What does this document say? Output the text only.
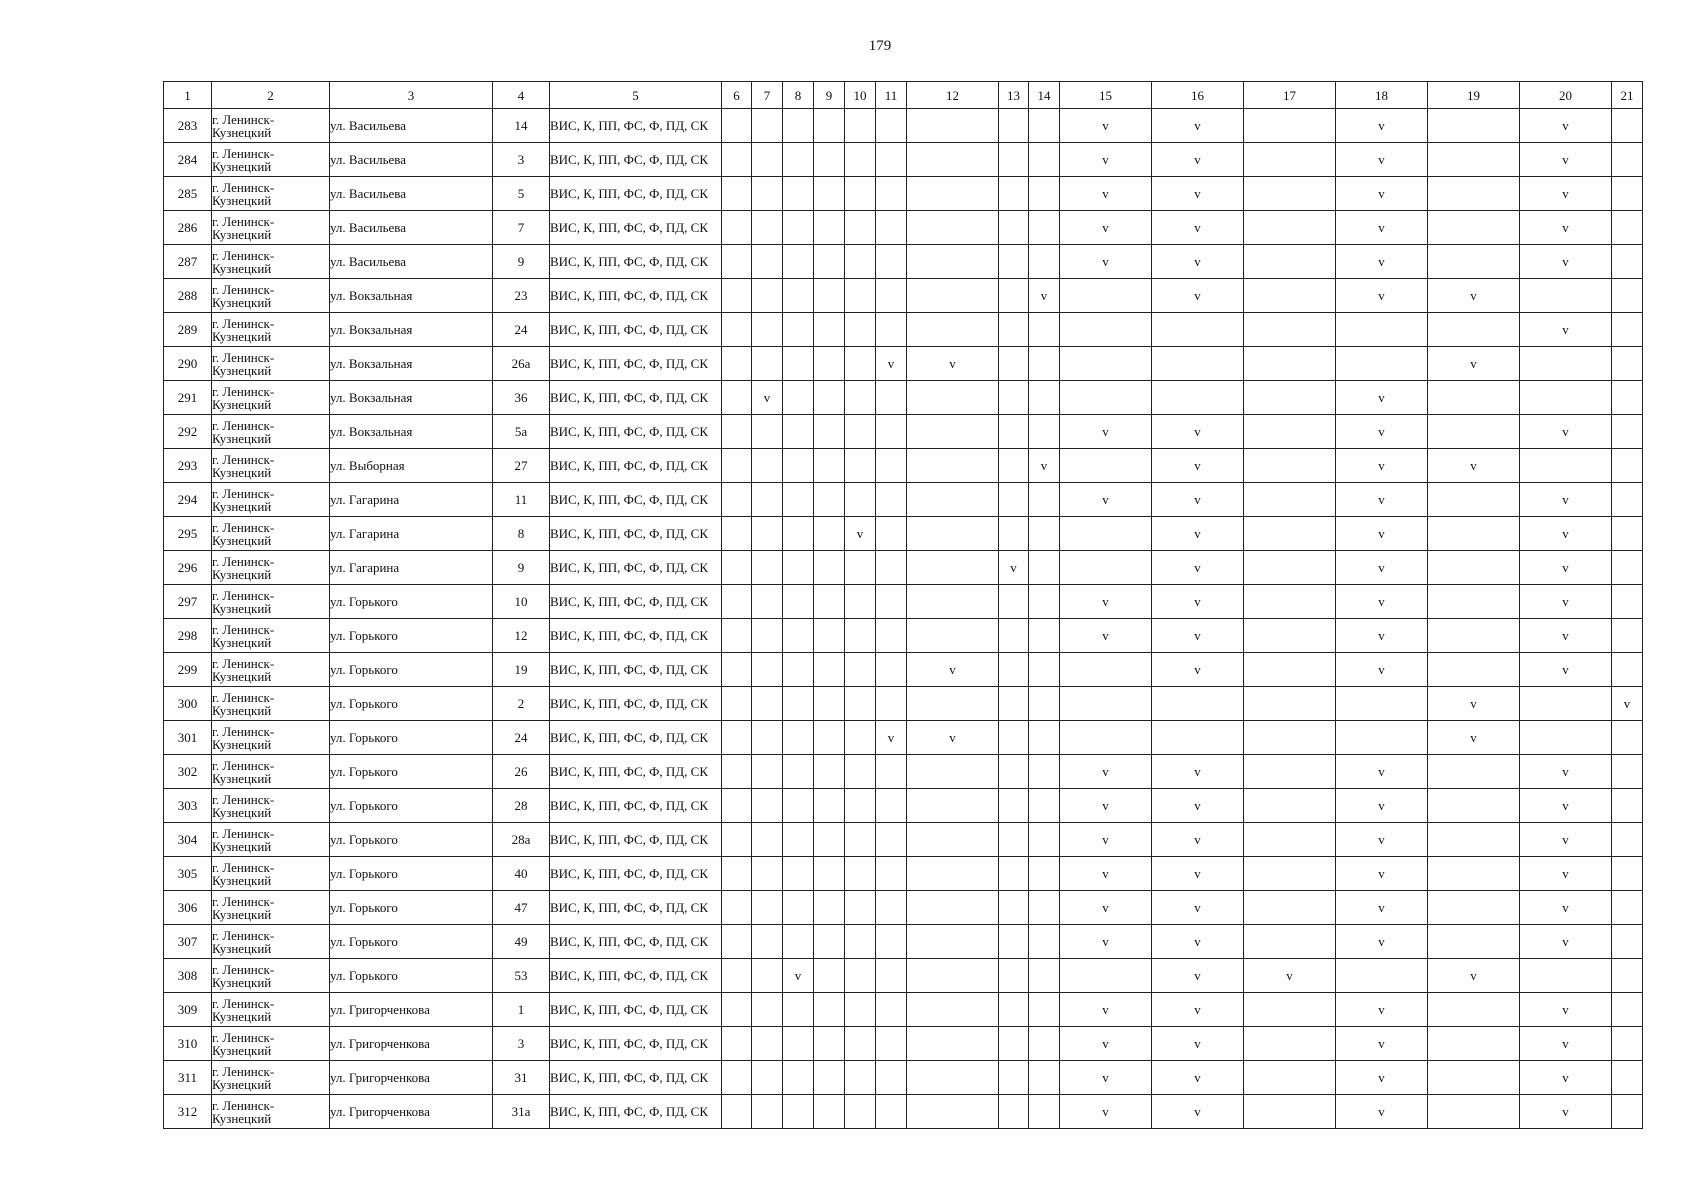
179
1	2	3	4	5	6	7	8	9	10	11	12	13	14	15	16	17	18	19	20	21
283	г. Ленинск-Кузнецкий	ул. Васильева	14	ВИС, К, ПП, ФС, Ф, ПД, СК										v	v		v		v	
284	г. Ленинск-Кузнецкий	ул. Васильева	3	ВИС, К, ПП, ФС, Ф, ПД, СК										v	v		v		v	
285	г. Ленинск-Кузнецкий	ул. Васильева	5	ВИС, К, ПП, ФС, Ф, ПД, СК										v	v		v		v	
286	г. Ленинск-Кузнецкий	ул. Васильева	7	ВИС, К, ПП, ФС, Ф, ПД, СК										v	v		v		v	
287	г. Ленинск-Кузнецкий	ул. Васильева	9	ВИС, К, ПП, ФС, Ф, ПД, СК										v	v		v		v	
288	г. Ленинск-Кузнецкий	ул. Вокзальная	23	ВИС, К, ПП, ФС, Ф, ПД, СК									v		v		v	v		
289	г. Ленинск-Кузнецкий	ул. Вокзальная	24	ВИС, К, ПП, ФС, Ф, ПД, СК															v	
290	г. Ленинск-Кузнецкий	ул. Вокзальная	26а	ВИС, К, ПП, ФС, Ф, ПД, СК						v	v							v		
291	г. Ленинск-Кузнецкий	ул. Вокзальная	36	ВИС, К, ПП, ФС, Ф, ПД, СК		v											v			
292	г. Ленинск-Кузнецкий	ул. Вокзальная	5а	ВИС, К, ПП, ФС, Ф, ПД, СК										v	v		v		v	
293	г. Ленинск-Кузнецкий	ул. Выборная	27	ВИС, К, ПП, ФС, Ф, ПД, СК									v		v		v	v		
294	г. Ленинск-Кузнецкий	ул. Гагарина	11	ВИС, К, ПП, ФС, Ф, ПД, СК										v	v		v		v	
295	г. Ленинск-Кузнецкий	ул. Гагарина	8	ВИС, К, ПП, ФС, Ф, ПД, СК					v						v		v		v	
296	г. Ленинск-Кузнецкий	ул. Гагарина	9	ВИС, К, ПП, ФС, Ф, ПД, СК								v			v		v		v	
297	г. Ленинск-Кузнецкий	ул. Горького	10	ВИС, К, ПП, ФС, Ф, ПД, СК										v	v		v		v	
298	г. Ленинск-Кузнецкий	ул. Горького	12	ВИС, К, ПП, ФС, Ф, ПД, СК										v	v		v		v	
299	г. Ленинск-Кузнецкий	ул. Горького	19	ВИС, К, ПП, ФС, Ф, ПД, СК							v				v		v		v	
300	г. Ленинск-Кузнецкий	ул. Горького	2	ВИС, К, ПП, ФС, Ф, ПД, СК														v		v
301	г. Ленинск-Кузнецкий	ул. Горького	24	ВИС, К, ПП, ФС, Ф, ПД, СК						v	v							v		
302	г. Ленинск-Кузнецкий	ул. Горького	26	ВИС, К, ПП, ФС, Ф, ПД, СК										v	v		v		v	
303	г. Ленинск-Кузнецкий	ул. Горького	28	ВИС, К, ПП, ФС, Ф, ПД, СК										v	v		v		v	
304	г. Ленинск-Кузнецкий	ул. Горького	28а	ВИС, К, ПП, ФС, Ф, ПД, СК										v	v		v		v	
305	г. Ленинск-Кузнецкий	ул. Горького	40	ВИС, К, ПП, ФС, Ф, ПД, СК										v	v		v		v	
306	г. Ленинск-Кузнецкий	ул. Горького	47	ВИС, К, ПП, ФС, Ф, ПД, СК										v	v		v		v	
307	г. Ленинск-Кузнецкий	ул. Горького	49	ВИС, К, ПП, ФС, Ф, ПД, СК										v	v		v		v	
308	г. Ленинск-Кузнецкий	ул. Горького	53	ВИС, К, ПП, ФС, Ф, ПД, СК			v								v	v		v		
309	г. Ленинск-Кузнецкий	ул. Григорченкова	1	ВИС, К, ПП, ФС, Ф, ПД, СК										v	v		v		v	
310	г. Ленинск-Кузнецкий	ул. Григорченкова	3	ВИС, К, ПП, ФС, Ф, ПД, СК										v	v		v		v	
311	г. Ленинск-Кузнецкий	ул. Григорченкова	31	ВИС, К, ПП, ФС, Ф, ПД, СК										v	v		v		v	
312	г. Ленинск-Кузнецкий	ул. Григорченкова	31а	ВИС, К, ПП, ФС, Ф, ПД, СК										v	v		v		v	
